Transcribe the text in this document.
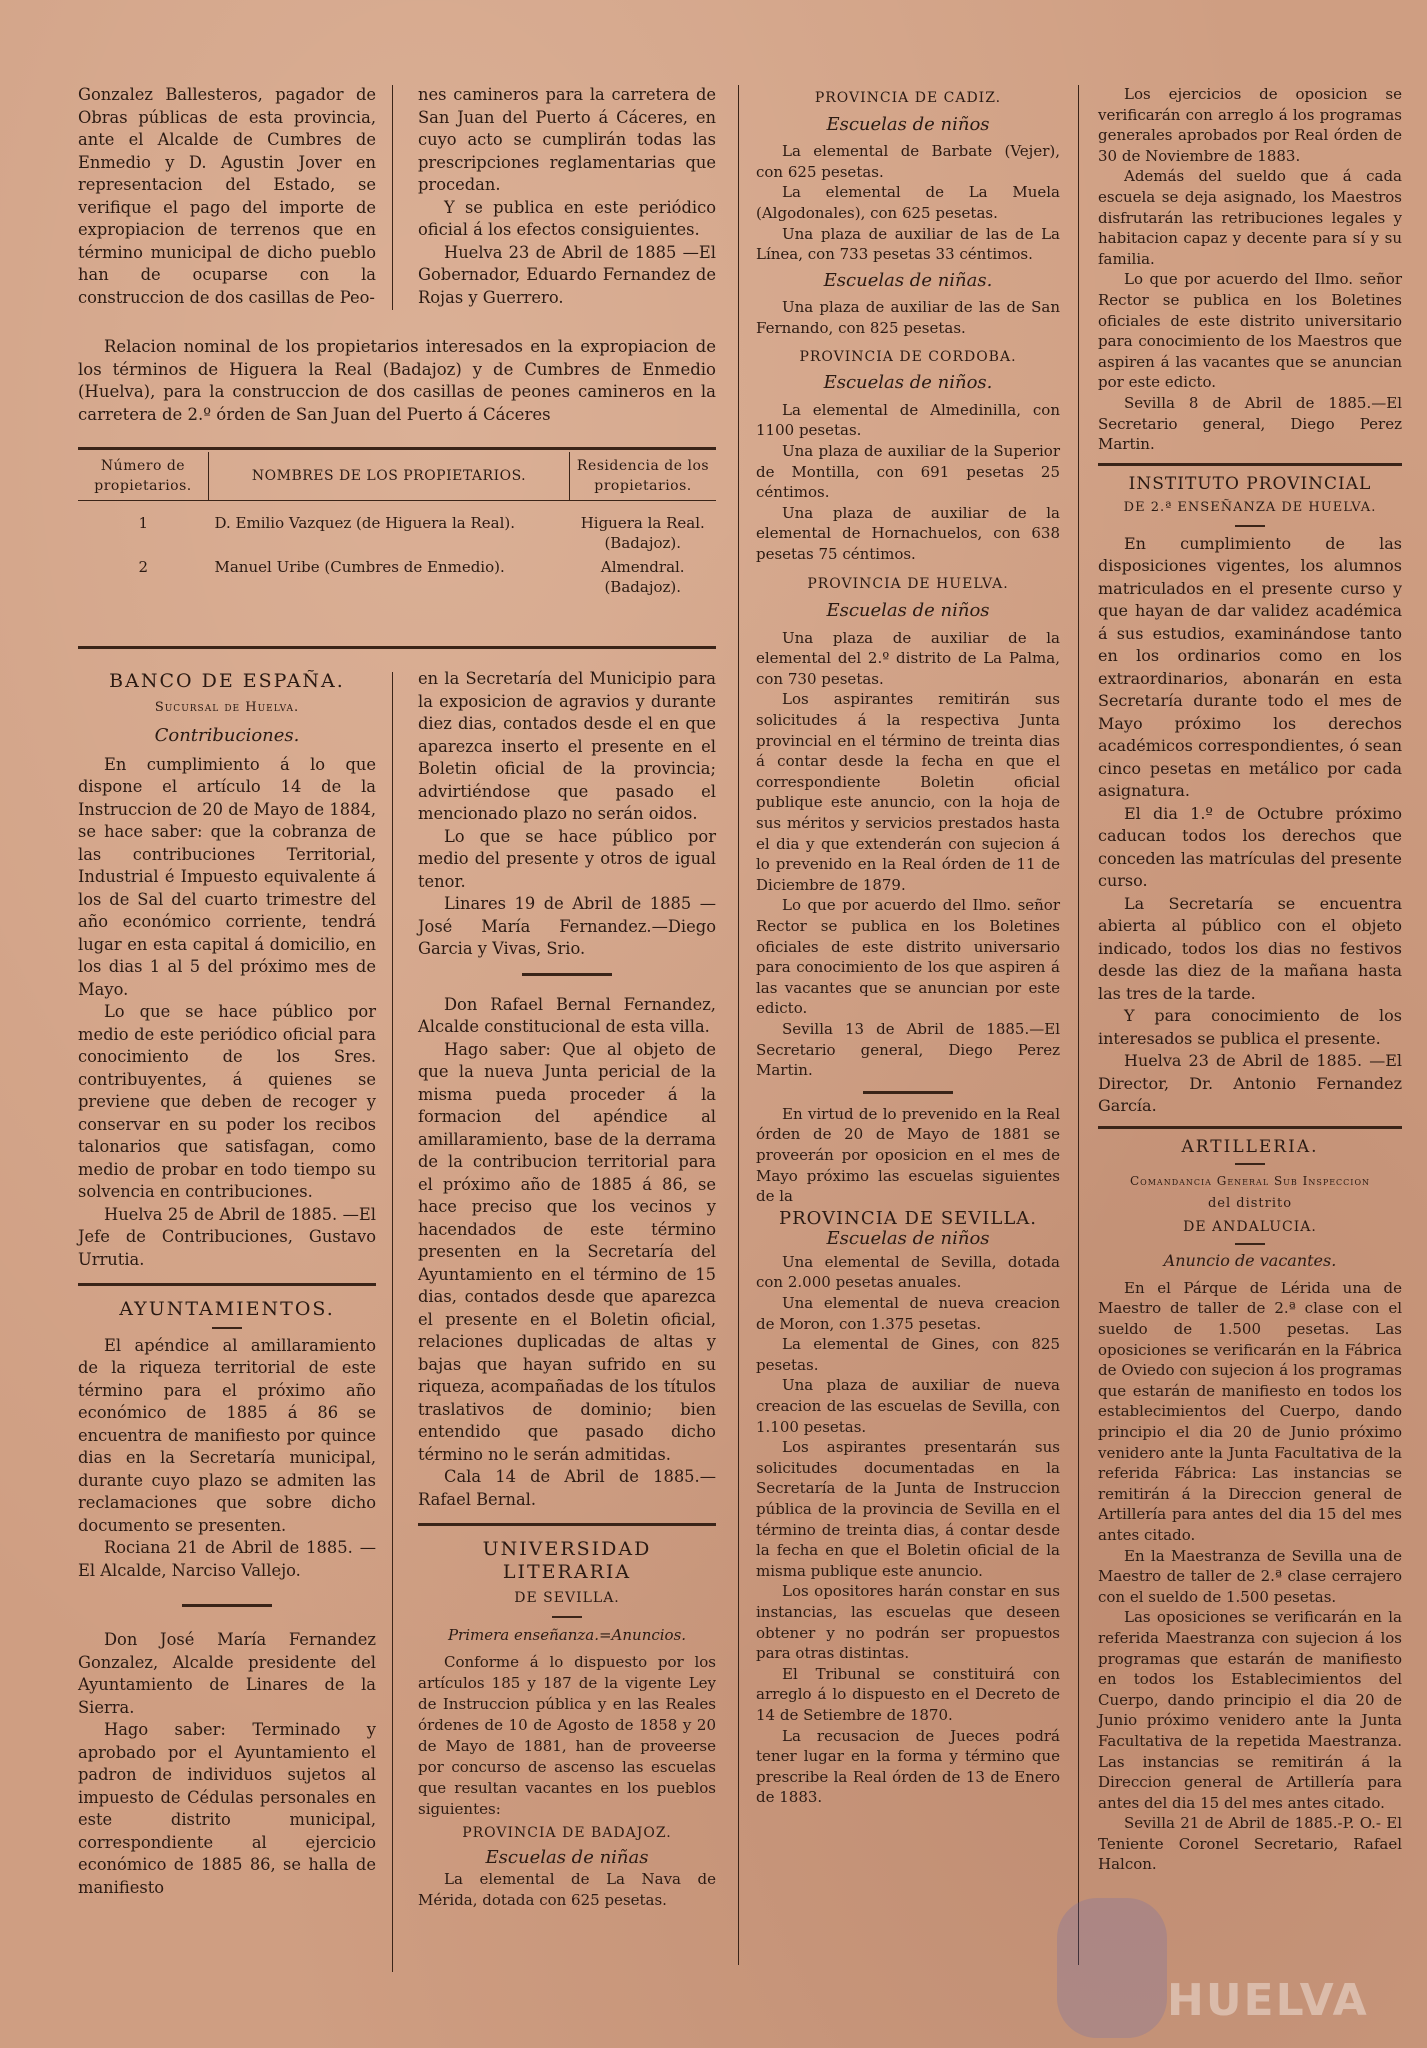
Gonzalez Ballesteros, pagador de Obras públicas de esta provincia, ante el Alcalde de Cumbres de Enmedio y D. Agustin Jover en representacion del Estado, se verifique el pago del importe de expropiacion de terrenos que en término municipal de dicho pueblo han de ocuparse con la construccion de dos casillas de Peo-

nes camineros para la carretera de San Juan del Puerto á Cáceres, en cuyo acto se cumplirán todas las prescripciones reglamentarias que procedan.

Y se publica en este periódico oficial á los efectos consiguientes.

Huelva 23 de Abril de 1885 —El Gobernador, Eduardo Fernandez de Rojas y Guerrero.

Relacion nominal de los propietarios interesados en la expropiacion de los términos de Higuera la Real (Badajoz) y de Cumbres de Enmedio (Huelva), para la construccion de dos casillas de peones camineros en la carretera de 2.º órden de San Juan del Puerto á Cáceres

Número de propietarios.	NOMBRES DE LOS PROPIETARIOS.	Residencia de los propietarios.
1	D. Emilio Vazquez (de Higuera la Real).	Higuera la Real. (Badajoz).
2	Manuel Uribe (Cumbres de Enmedio).	Almendral. (Badajoz).
BANCO DE ESPAÑA.
Sucursal de Huelva.
Contribuciones.

En cumplimiento á lo que dispone el artículo 14 de la Instruccion de 20 de Mayo de 1884, se hace saber: que la cobranza de las contribuciones Territorial, Industrial é Impuesto equivalente á los de Sal del cuarto trimestre del año económico corriente, tendrá lugar en esta capital á domicilio, en los dias 1 al 5 del próximo mes de Mayo.

Lo que se hace público por medio de este periódico oficial para conocimiento de los Sres. contribuyentes, á quienes se previene que deben de recoger y conservar en su poder los recibos talonarios que satisfagan, como medio de probar en todo tiempo su solvencia en contribuciones.

Huelva 25 de Abril de 1885. —El Jefe de Contribuciones, Gustavo Urrutia.

AYUNTAMIENTOS.

El apéndice al amillaramiento de la riqueza territorial de este término para el próximo año económico de 1885 á 86 se encuentra de manifiesto por quince dias en la Secretaría municipal, durante cuyo plazo se admiten las reclamaciones que sobre dicho documento se presenten.

Rociana 21 de Abril de 1885. —El Alcalde, Narciso Vallejo.

Don José María Fernandez Gonzalez, Alcalde presidente del Ayuntamiento de Linares de la Sierra.

Hago saber: Terminado y aprobado por el Ayuntamiento el padron de individuos sujetos al impuesto de Cédulas personales en este distrito municipal, correspondiente al ejercicio económico de 1885 86, se halla de manifiesto

en la Secretaría del Municipio para la exposicion de agravios y durante diez dias, contados desde el en que aparezca inserto el presente en el Boletin oficial de la provincia; advirtiéndose que pasado el mencionado plazo no serán oidos.

Lo que se hace público por medio del presente y otros de igual tenor.

Linares 19 de Abril de 1885 —José María Fernandez.—Diego Garcia y Vivas, Srio.

Don Rafael Bernal Fernandez, Alcalde constitucional de esta villa.

Hago saber: Que al objeto de que la nueva Junta pericial de la misma pueda proceder á la formacion del apéndice al amillaramiento, base de la derrama de la contribucion territorial para el próximo año de 1885 á 86, se hace preciso que los vecinos y hacendados de este término presenten en la Secretaría del Ayuntamiento en el término de 15 dias, contados desde que aparezca el presente en el Boletin oficial, relaciones duplicadas de altas y bajas que hayan sufrido en su riqueza, acompañadas de los títulos traslativos de dominio; bien entendido que pasado dicho término no le serán admitidas.

Cala 14 de Abril de 1885.— Rafael Bernal.

UNIVERSIDAD LITERARIA
DE SEVILLA.
Primera enseñanza.=Anuncios.

Conforme á lo dispuesto por los artículos 185 y 187 de la vigente Ley de Instruccion pública y en las Reales órdenes de 10 de Agosto de 1858 y 20 de Mayo de 1881, han de proveerse por concurso de ascenso las escuelas que resultan vacantes en los pueblos siguientes:

PROVINCIA DE BADAJOZ.
Escuelas de niñas

La elemental de La Nava de Mérida, dotada con 625 pesetas.

PROVINCIA DE CADIZ.
Escuelas de niños

La elemental de Barbate (Vejer), con 625 pesetas.

La elemental de La Muela (Algodonales), con 625 pesetas.

Una plaza de auxiliar de las de La Línea, con 733 pesetas 33 céntimos.

Escuelas de niñas.

Una plaza de auxiliar de las de San Fernando, con 825 pesetas.

PROVINCIA DE CORDOBA.
Escuelas de niños.

La elemental de Almedinilla, con 1100 pesetas.

Una plaza de auxiliar de la Superior de Montilla, con 691 pesetas 25 céntimos.

Una plaza de auxiliar de la elemental de Hornachuelos, con 638 pesetas 75 céntimos.

PROVINCIA DE HUELVA.
Escuelas de niños

Una plaza de auxiliar de la elemental del 2.º distrito de La Palma, con 730 pesetas.

Los aspirantes remitirán sus solicitudes á la respectiva Junta provincial en el término de treinta dias á contar desde la fecha en que el correspondiente Boletin oficial publique este anuncio, con la hoja de sus méritos y servicios prestados hasta el dia y que extenderán con sujecion á lo prevenido en la Real órden de 11 de Diciembre de 1879.

Lo que por acuerdo del Ilmo. señor Rector se publica en los Boletines oficiales de este distrito universario para conocimiento de los que aspiren á las vacantes que se anuncian por este edicto.

Sevilla 13 de Abril de 1885.—El Secretario general, Diego Perez Martin.

En virtud de lo prevenido en la Real órden de 20 de Mayo de 1881 se proveerán por oposicion en el mes de Mayo próximo las escuelas siguientes de la

PROVINCIA DE SEVILLA.
Escuelas de niños

Una elemental de Sevilla, dotada con 2.000 pesetas anuales.

Una elemental de nueva creacion de Moron, con 1.375 pesetas.

La elemental de Gines, con 825 pesetas.

Una plaza de auxiliar de nueva creacion de las escuelas de Sevilla, con 1.100 pesetas.

Los aspirantes presentarán sus solicitudes documentadas en la Secretaría de la Junta de Instruccion pública de la provincia de Sevilla en el término de treinta dias, á contar desde la fecha en que el Boletin oficial de la misma publique este anuncio.

Los opositores harán constar en sus instancias, las escuelas que deseen obtener y no podrán ser propuestos para otras distintas.

El Tribunal se constituirá con arreglo á lo dispuesto en el Decreto de 14 de Setiembre de 1870.

La recusacion de Jueces podrá tener lugar en la forma y término que prescribe la Real órden de 13 de Enero de 1883.

Los ejercicios de oposicion se verificarán con arreglo á los programas generales aprobados por Real órden de 30 de Noviembre de 1883.

Además del sueldo que á cada escuela se deja asignado, los Maestros disfrutarán las retribuciones legales y habitacion capaz y decente para sí y su familia.

Lo que por acuerdo del Ilmo. señor Rector se publica en los Boletines oficiales de este distrito universitario para conocimiento de los Maestros que aspiren á las vacantes que se anuncian por este edicto.

Sevilla 8 de Abril de 1885.—El Secretario general, Diego Perez Martin.

INSTITUTO PROVINCIAL
DE 2.ª ENSEÑANZA DE HUELVA.

En cumplimiento de las disposiciones vigentes, los alumnos matriculados en el presente curso y que hayan de dar validez académica á sus estudios, examinándose tanto en los ordinarios como en los extraordinarios, abonarán en esta Secretaría durante todo el mes de Mayo próximo los derechos académicos correspondientes, ó sean cinco pesetas en metálico por cada asignatura.

El dia 1.º de Octubre próximo caducan todos los derechos que conceden las matrículas del presente curso.

La Secretaría se encuentra abierta al público con el objeto indicado, todos los dias no festivos desde las diez de la mañana hasta las tres de la tarde.

Y para conocimiento de los interesados se publica el presente.

Huelva 23 de Abril de 1885. —El Director, Dr. Antonio Fernandez García.

ARTILLERIA.
Comandancia General Sub Inspeccion
del distrito
DE ANDALUCIA.
Anuncio de vacantes.

En el Párque de Lérida una de Maestro de taller de 2.ª clase con el sueldo de 1.500 pesetas. Las oposiciones se verificarán en la Fábrica de Oviedo con sujecion á los programas que estarán de manifiesto en todos los establecimientos del Cuerpo, dando principio el dia 20 de Junio próximo venidero ante la Junta Facultativa de la referida Fábrica: Las instancias se remitirán á la Direccion general de Artillería para antes del dia 15 del mes antes citado.

En la Maestranza de Sevilla una de Maestro de taller de 2.ª clase cerrajero con el sueldo de 1.500 pesetas.

Las oposiciones se verificarán en la referida Maestranza con sujecion á los programas que estarán de manifiesto en todos los Establecimientos del Cuerpo, dando principio el dia 20 de Junio próximo venidero ante la Junta Facultativa de la repetida Maestranza. Las instancias se remitirán á la Direccion general de Artillería para antes del dia 15 del mes antes citado.

Sevilla 21 de Abril de 1885.-P. O.- El Teniente Coronel Secretario, Rafael Halcon.

HUELVA
